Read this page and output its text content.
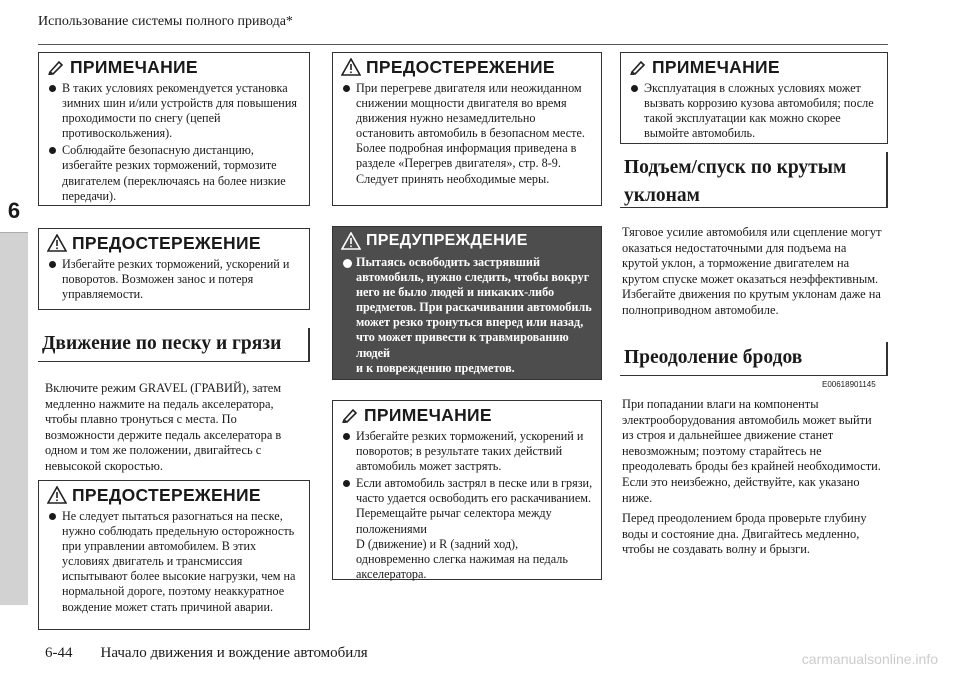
Использование системы полного привода*
6
ПРИМЕЧАНИЕ
В таких условиях рекомендуется установка зимних шин и/или устройств для повышения проходимости по снегу (цепей противоскольжения).
Соблюдайте безопасную дистанцию, избегайте резких торможений, тормозите двигателем (переключаясь на более низкие передачи).
ПРЕДОСТЕРЕЖЕНИЕ
Избегайте резких торможений, ускорений и поворотов. Возможен занос и потеря управляемости.
Движение по песку и грязи
Включите режим GRAVEL (ГРАВИЙ), затем медленно нажмите на педаль акселератора, чтобы плавно тронуться с места. По возможности держите педаль акселератора в одном и том же положении, двигайтесь с невысокой скоростью.
ПРЕДОСТЕРЕЖЕНИЕ
Не следует пытаться разогнаться на песке, нужно соблюдать предельную осторожность при управлении автомобилем. В этих условиях двигатель и трансмиссия испытывают более высокие нагрузки, чем на нормальной дороге, поэтому неаккуратное вождение может стать причиной аварии.
ПРЕДОСТЕРЕЖЕНИЕ
При перегреве двигателя или неожиданном снижении мощности двигателя во время движения нужно незамедлительно остановить автомобиль в безопасном месте.
Более подробная информация приведена в разделе «Перегрев двигателя», стр. 8-9. Следует принять необходимые меры.
ПРЕДУПРЕЖДЕНИЕ
Пытаясь освободить застрявший автомобиль, нужно следить, чтобы вокруг него не было людей и никаких-либо предметов. При раскачивании автомобиль может резко тронуться вперед или назад, что может привести к травмированию людей
и к повреждению предметов.
ПРИМЕЧАНИЕ
Избегайте резких торможений, ускорений и поворотов; в результате таких действий автомобиль может застрять.
Если автомобиль застрял в песке или в грязи, часто удается освободить его раскачиванием. Перемещайте рычаг селектора между положениями
D (движение) и R (задний ход), одновременно слегка нажимая на педаль акселератора.
ПРИМЕЧАНИЕ
Эксплуатация в сложных условиях может вызвать коррозию кузова автомобиля; после такой эксплуатации как можно скорее вымойте автомобиль.
Подъем/спуск по крутым уклонам
Тяговое усилие автомобиля или сцепление могут оказаться недостаточными для подъема на крутой уклон, а торможение двигателем на крутом спуске может оказаться неэффективным. Избегайте движения по крутым уклонам даже на полноприводном автомобиле.
Преодоление бродов
E00618901145
При попадании влаги на компоненты электрооборудования автомобиль может выйти из строя и дальнейшее движение станет невозможным; поэтому старайтесь не преодолевать броды без крайней необходимости. Если это неизбежно, действуйте, как указано ниже.
Перед преодолением брода проверьте глубину воды и состояние дна. Двигайтесь медленно, чтобы не создавать волну и брызги.
6-44 Начало движения и вождение автомобиля	carmanualsonline.info
